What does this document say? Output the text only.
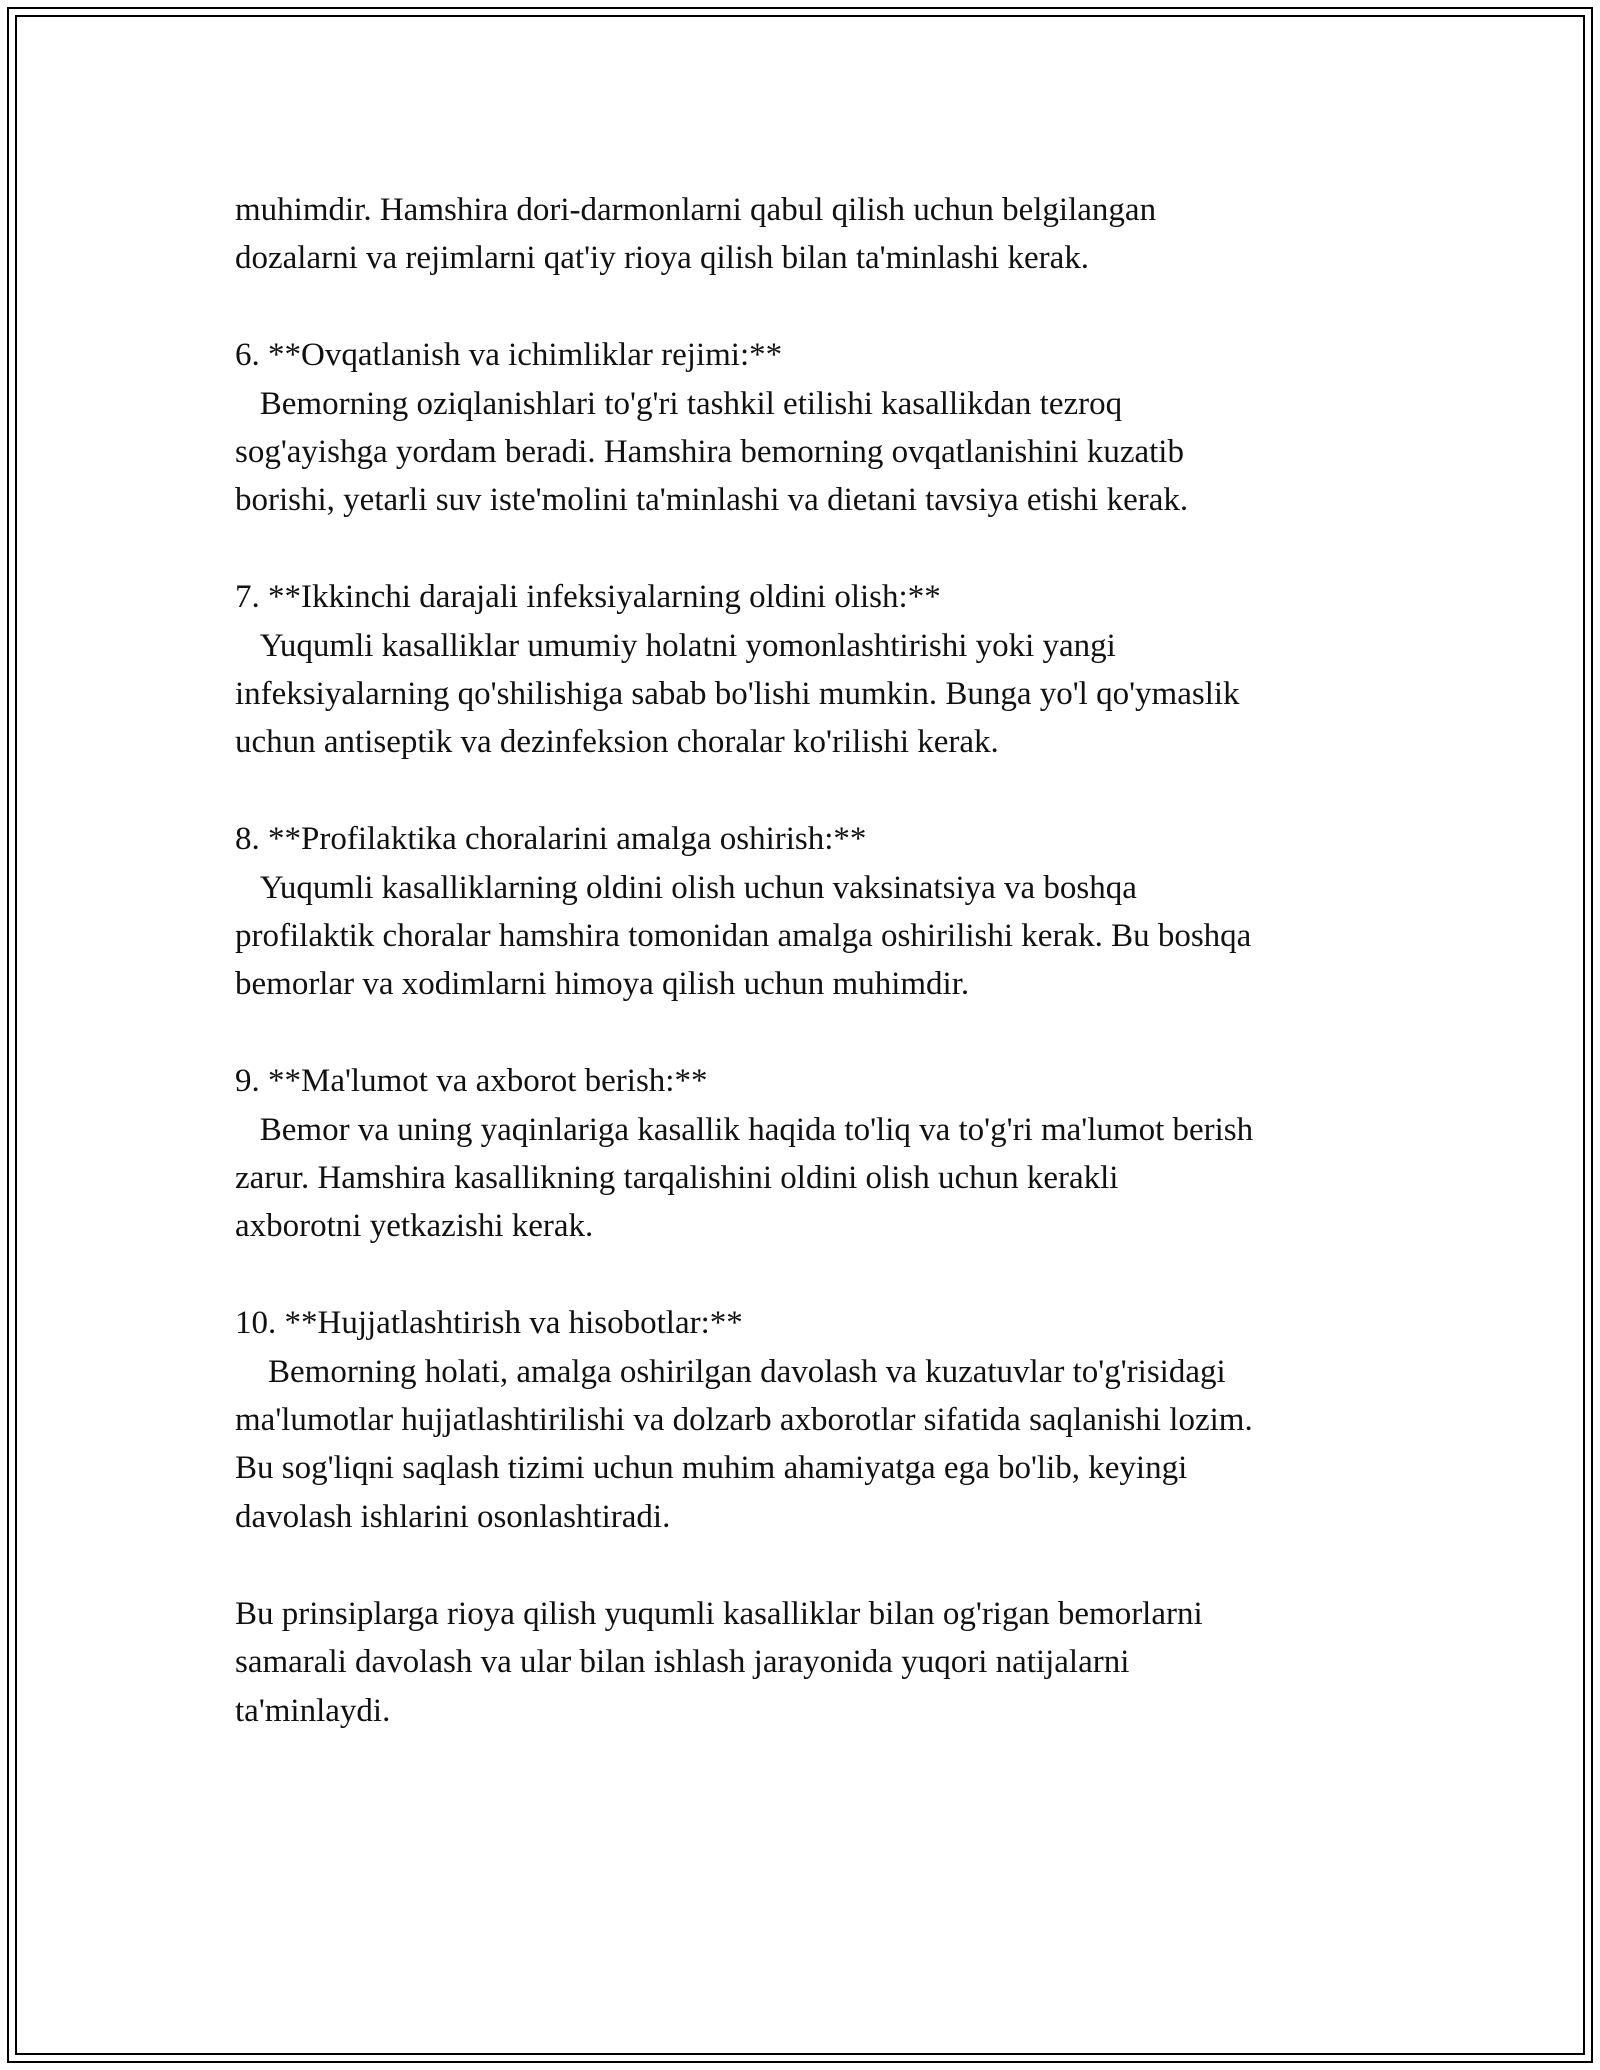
muhimdir. Hamshira dori-darmonlarni qabul qilish uchun belgilangan

dozalarni va rejimlarni qat'iy rioya qilish bilan ta'minlashi kerak.

6. **Ovqatlanish va ichimliklar rejimi:**

Bemorning oziqlanishlari to'g'ri tashkil etilishi kasallikdan tezroq

sog'ayishga yordam beradi. Hamshira bemorning ovqatlanishini kuzatib

borishi, yetarli suv iste'molini ta'minlashi va dietani tavsiya etishi kerak.

7. **Ikkinchi darajali infeksiyalarning oldini olish:**

Yuqumli kasalliklar umumiy holatni yomonlashtirishi yoki yangi

infeksiyalarning qo'shilishiga sabab bo'lishi mumkin. Bunga yo'l qo'ymaslik

uchun antiseptik va dezinfeksion choralar ko'rilishi kerak.

8. **Profilaktika choralarini amalga oshirish:**

Yuqumli kasalliklarning oldini olish uchun vaksinatsiya va boshqa

profilaktik choralar hamshira tomonidan amalga oshirilishi kerak. Bu boshqa

bemorlar va xodimlarni himoya qilish uchun muhimdir.

9. **Ma'lumot va axborot berish:**

Bemor va uning yaqinlariga kasallik haqida to'liq va to'g'ri ma'lumot berish

zarur. Hamshira kasallikning tarqalishini oldini olish uchun kerakli

axborotni yetkazishi kerak.

10. **Hujjatlashtirish va hisobotlar:**

Bemorning holati, amalga oshirilgan davolash va kuzatuvlar to'g'risidagi

ma'lumotlar hujjatlashtirilishi va dolzarb axborotlar sifatida saqlanishi lozim.

Bu sog'liqni saqlash tizimi uchun muhim ahamiyatga ega bo'lib, keyingi

davolash ishlarini osonlashtiradi.

Bu prinsiplarga rioya qilish yuqumli kasalliklar bilan og'rigan bemorlarni

samarali davolash va ular bilan ishlash jarayonida yuqori natijalarni

ta'minlaydi.
